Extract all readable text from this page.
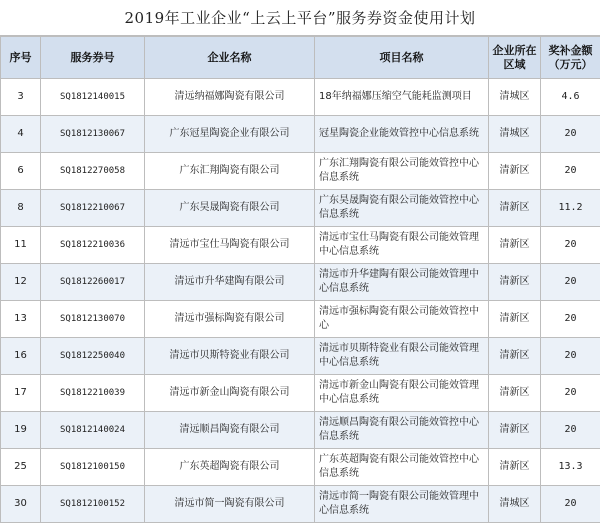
2019年工业企业“上云上平台”服务券资金使用计划
序号	服务券号	企业名称	项目名称	企业所在区域	奖补金额（万元）
3	SQ1812140015	清远纳福娜陶瓷有限公司	18年纳福娜压缩空气能耗监测项目	清城区	4.6
4	SQ1812130067	广东冠星陶瓷企业有限公司	冠星陶瓷企业能效管控中心信息系统	清城区	20
6	SQ1812270058	广东汇翔陶瓷有限公司	广东汇翔陶瓷有限公司能效管控中心信息系统	清新区	20
8	SQ1812210067	广东昊晟陶瓷有限公司	广东昊晟陶瓷有限公司能效管控中心信息系统	清新区	11.2
11	SQ1812210036	清远市宝仕马陶瓷有限公司	清远市宝仕马陶瓷有限公司能效管理中心信息系统	清新区	20
12	SQ1812260017	清远市升华建陶有限公司	清远市升华建陶有限公司能效管理中心信息系统	清新区	20
13	SQ1812130070	清远市强标陶瓷有限公司	清远市强标陶瓷有限公司能效管控中心	清新区	20
16	SQ1812250040	清远市贝斯特瓷业有限公司	清远市贝斯特瓷业有限公司能效管理中心信息系统	清新区	20
17	SQ1812210039	清远市新金山陶瓷有限公司	清远市新金山陶瓷有限公司能效管理中心信息系统	清新区	20
19	SQ1812140024	清远顺昌陶瓷有限公司	清远顺昌陶瓷有限公司能效管控中心信息系统	清新区	20
25	SQ1812100150	广东英超陶瓷有限公司	广东英超陶瓷有限公司能效管控中心信息系统	清新区	13.3
30	SQ1812100152	清远市简一陶瓷有限公司	清远市简一陶瓷有限公司能效管理中心信息系统	清城区	20
